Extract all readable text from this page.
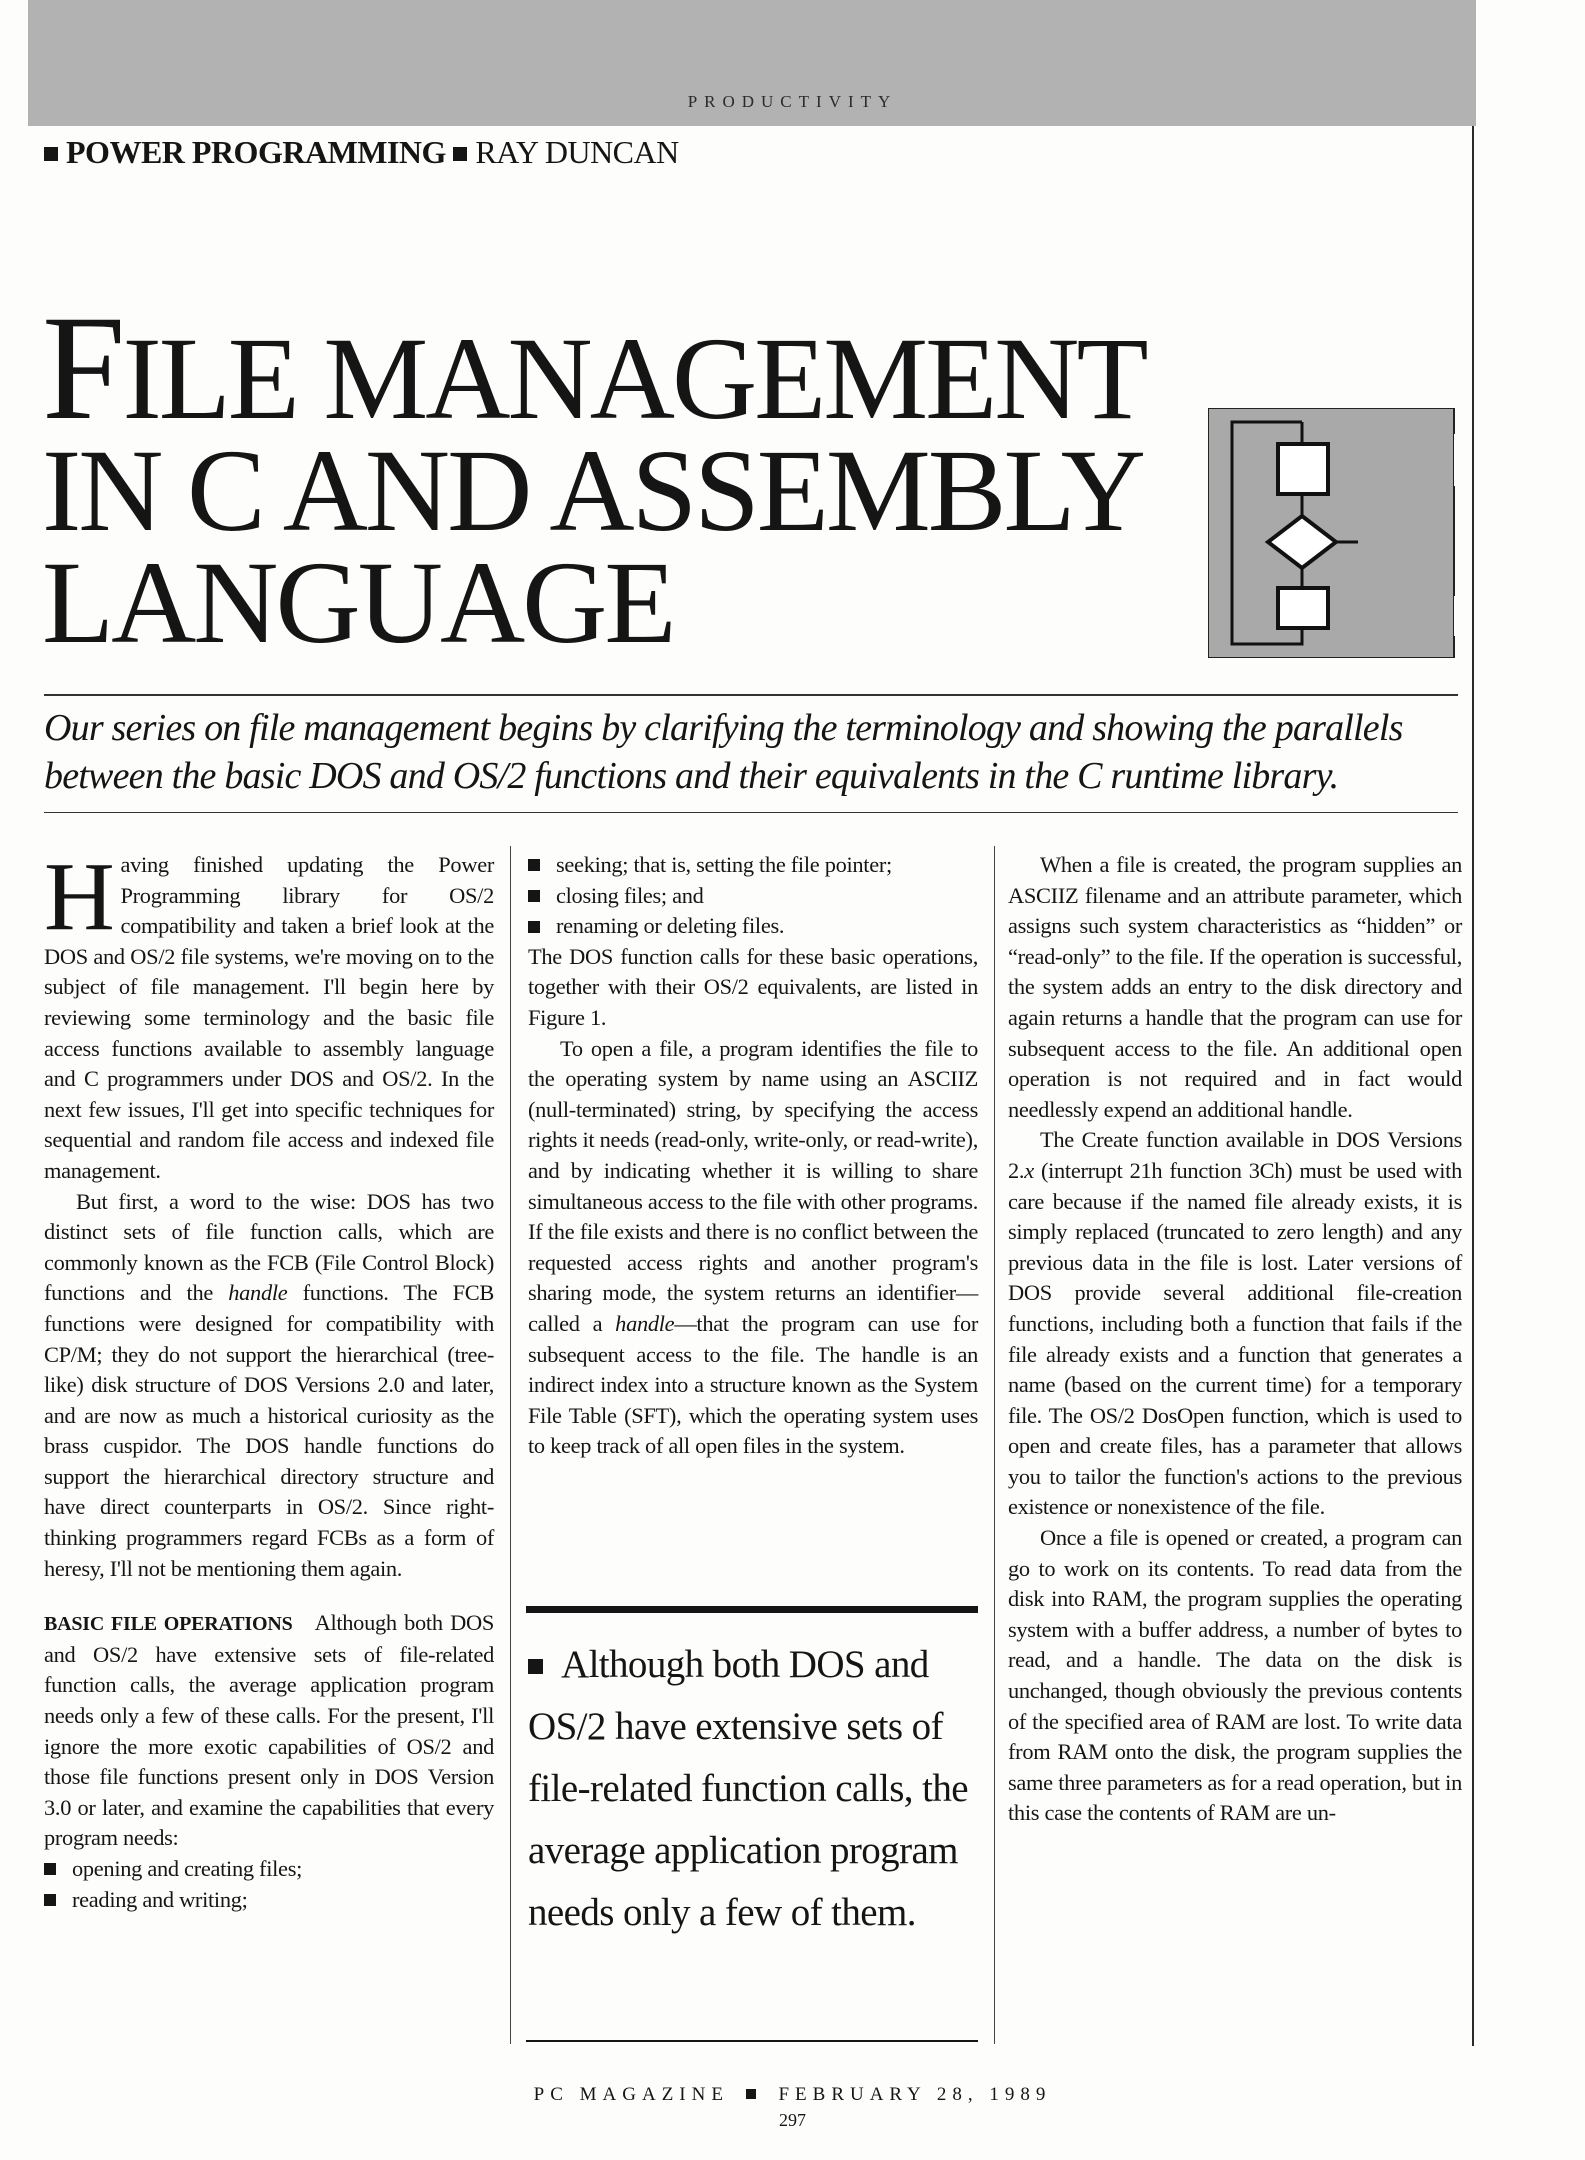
PRODUCTIVITY
POWER PROGRAMMING RAY DUNCAN
FILE MANAGEMENT
IN C AND ASSEMBLY
LANGUAGE
Our series on file management begins by clarifying the terminology and showing the parallels between the basic DOS and OS/2 functions and their equivalents in the C runtime library.

Having finished updating the Power Programming library for OS/2 compatibility and taken a brief look at the DOS and OS/2 file systems, we're moving on to the subject of file management. I'll begin here by reviewing some terminology and the basic file access functions available to assembly language and C programmers under DOS and OS/2. In the next few issues, I'll get into specific techniques for sequential and random file access and indexed file management.

But first, a word to the wise: DOS has two distinct sets of file function calls, which are commonly known as the FCB (File Control Block) functions and the handle functions. The FCB functions were designed for compatibility with CP/M; they do not support the hierarchical (tree-like) disk structure of DOS Versions 2.0 and later, and are now as much a historical curiosity as the brass cuspidor. The DOS handle functions do support the hierarchical directory structure and have direct counterparts in OS/2. Since right-thinking programmers regard FCBs as a form of heresy, I'll not be mentioning them again.

BASIC FILE OPERATIONS Although both DOS and OS/2 have extensive sets of file-related function calls, the average application program needs only a few of these calls. For the present, I'll ignore the more exotic capabilities of OS/2 and those file functions present only in DOS Version 3.0 or later, and examine the capabilities that every program needs:

opening and creating files;
reading and writing;
seeking; that is, setting the file pointer;
closing files; and
renaming or deleting files.

The DOS function calls for these basic operations, together with their OS/2 equivalents, are listed in Figure 1.

To open a file, a program identifies the file to the operating system by name using an ASCIIZ (null-terminated) string, by specifying the access rights it needs (read-only, write-only, or read-write), and by indicating whether it is willing to share simultaneous access to the file with other programs. If the file exists and there is no conflict between the requested access rights and another program's sharing mode, the system returns an identifier—called a handle—that the program can use for subsequent access to the file. The handle is an indirect index into a structure known as the System File Table (SFT), which the operating system uses to keep track of all open files in the system.

Although both DOS and OS/2 have extensive sets of file-related function calls, the average application program needs only a few of them.

When a file is created, the program supplies an ASCIIZ filename and an attribute parameter, which assigns such system characteristics as “hidden” or “read-only” to the file. If the operation is successful, the system adds an entry to the disk directory and again returns a handle that the program can use for subsequent access to the file. An additional open operation is not required and in fact would needlessly expend an additional handle.

The Create function available in DOS Versions 2.x (interrupt 21h function 3Ch) must be used with care because if the named file already exists, it is simply replaced (truncated to zero length) and any previous data in the file is lost. Later versions of DOS provide several additional file-creation functions, including both a function that fails if the file already exists and a function that generates a name (based on the current time) for a temporary file. The OS/2 DosOpen function, which is used to open and create files, has a parameter that allows you to tailor the function's actions to the previous existence or nonexistence of the file.

Once a file is opened or created, a program can go to work on its contents. To read data from the disk into RAM, the program supplies the operating system with a buffer address, a number of bytes to read, and a handle. The data on the disk is unchanged, though obviously the previous contents of the specified area of RAM are lost. To write data from RAM onto the disk, the program supplies the same three parameters as for a read operation, but in this case the contents of RAM are un-

PC MAGAZINE	FEBRUARY 28, 1989
297
